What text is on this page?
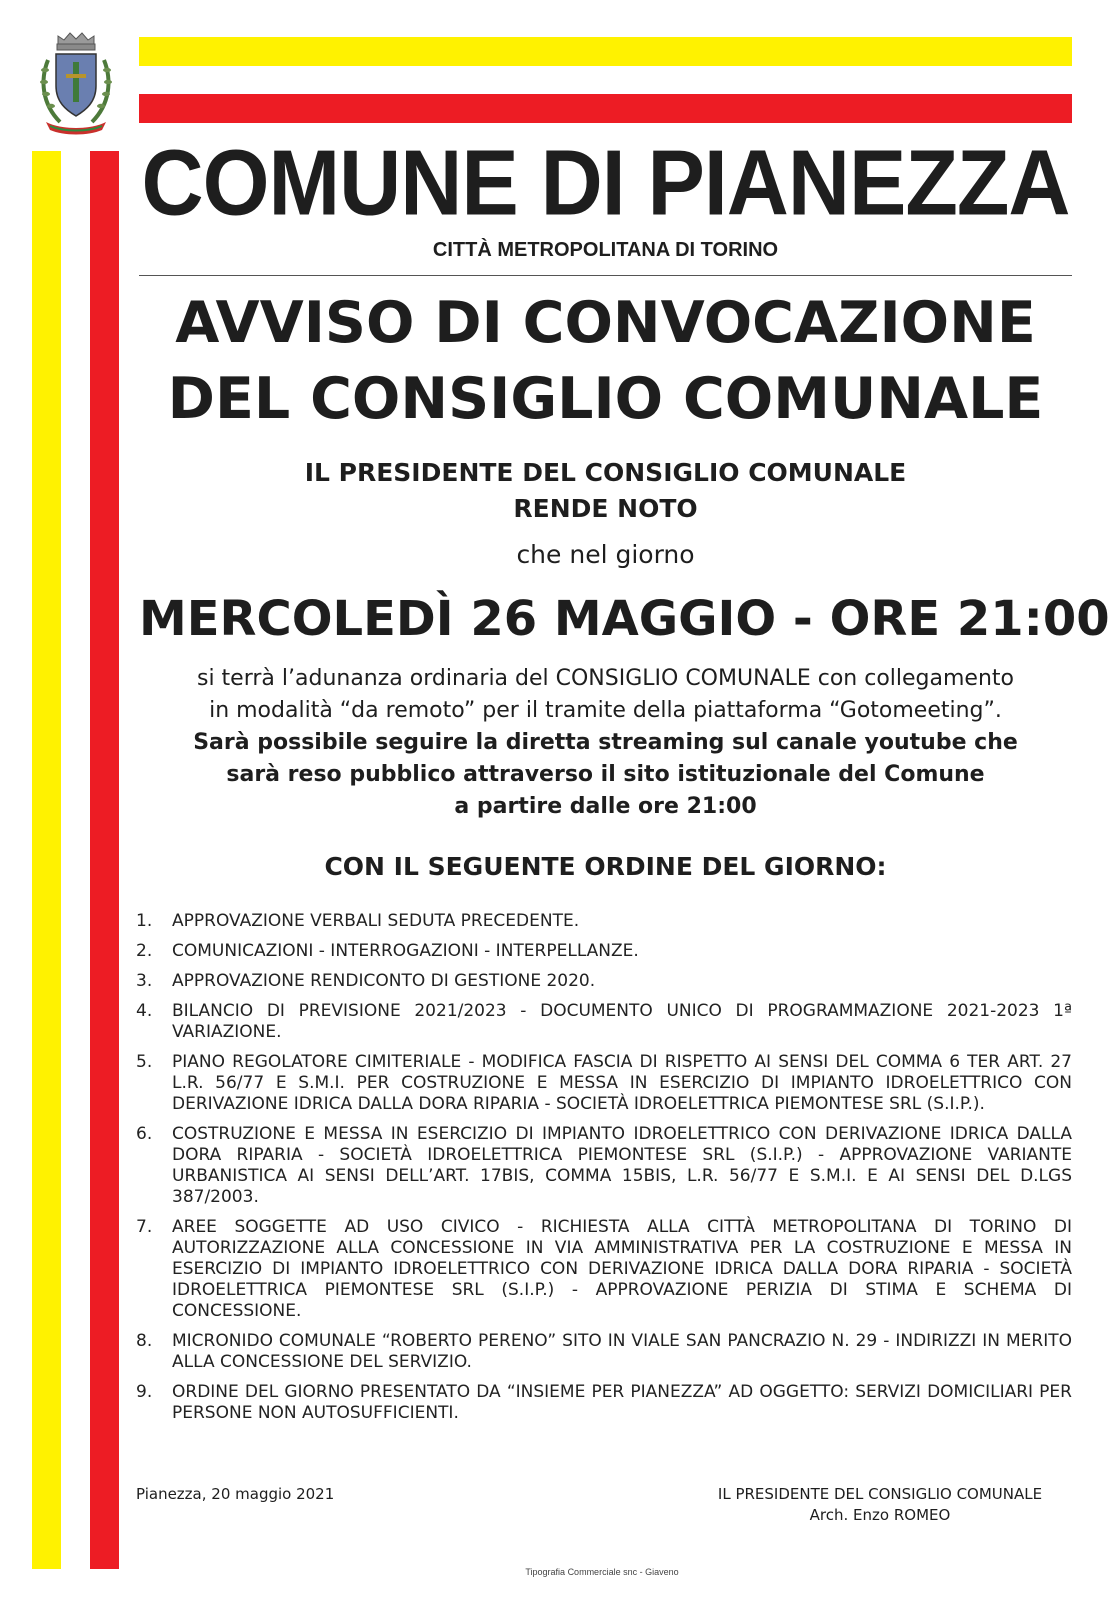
COMUNE DI PIANEZZA
CITTÀ METROPOLITANA DI TORINO
AVVISO DI CONVOCAZIONE
DEL CONSIGLIO COMUNALE
IL PRESIDENTE DEL CONSIGLIO COMUNALE
RENDE NOTO
che nel giorno
MERCOLEDÌ 26 MAGGIO - ORE 21:00
si terrà l’adunanza ordinaria del CONSIGLIO COMUNALE con collegamento
in modalità “da remoto” per il tramite della piattaforma “Gotomeeting”.
Sarà possibile seguire la diretta streaming sul canale youtube che
sarà reso pubblico attraverso il sito istituzionale del Comune
a partire dalle ore 21:00
CON IL SEGUENTE ORDINE DEL GIORNO:
1.	APPROVAZIONE VERBALI SEDUTA PRECEDENTE.
2.	COMUNICAZIONI - INTERROGAZIONI - INTERPELLANZE.
3.	APPROVAZIONE RENDICONTO DI GESTIONE 2020.
4.	BILANCIO DI PREVISIONE 2021/2023 - DOCUMENTO UNICO DI PROGRAMMAZIONE 2021-2023 1ª VARIAZIONE.
5.	PIANO REGOLATORE CIMITERIALE - MODIFICA FASCIA DI RISPETTO AI SENSI DEL COMMA 6 TER ART. 27 L.R. 56/77 E S.M.I. PER COSTRUZIONE E MESSA IN ESERCIZIO DI IMPIANTO IDROELETTRICO CON DERIVAZIONE IDRICA DALLA DORA RIPARIA - SOCIETÀ IDROELETTRICA PIEMONTESE SRL (S.I.P.).
6.	COSTRUZIONE E MESSA IN ESERCIZIO DI IMPIANTO IDROELETTRICO CON DERIVAZIONE IDRICA DALLA DORA RIPARIA - SOCIETÀ IDROELETTRICA PIEMONTESE SRL (S.I.P.) - APPROVAZIONE VARIANTE URBANISTICA AI SENSI DELL’ART. 17BIS, COMMA 15BIS, L.R. 56/77 E S.M.I. E AI SENSI DEL D.LGS 387/2003.
7.	AREE SOGGETTE AD USO CIVICO - RICHIESTA ALLA CITTÀ METROPOLITANA DI TORINO DI AUTORIZZAZIONE ALLA CONCESSIONE IN VIA AMMINISTRATIVA PER LA COSTRUZIONE E MESSA IN ESERCIZIO DI IMPIANTO IDROELETTRICO CON DERIVAZIONE IDRICA DALLA DORA RIPARIA - SOCIETÀ IDROELETTRICA PIEMONTESE SRL (S.I.P.) - APPROVAZIONE PERIZIA DI STIMA E SCHEMA DI CONCESSIONE.
8.	MICRONIDO COMUNALE “ROBERTO PERENO” SITO IN VIALE SAN PANCRAZIO N. 29 - INDIRIZZI IN MERITO ALLA CONCESSIONE DEL SERVIZIO.
9.	ORDINE DEL GIORNO PRESENTATO DA “INSIEME PER PIANEZZA” AD OGGETTO: SERVIZI DOMICILIARI PER PERSONE NON AUTOSUFFICIENTI.
Pianezza, 20 maggio 2021	IL PRESIDENTE DEL CONSIGLIO COMUNALE
Arch. Enzo ROMEO
Tipografia Commerciale snc - Giaveno
